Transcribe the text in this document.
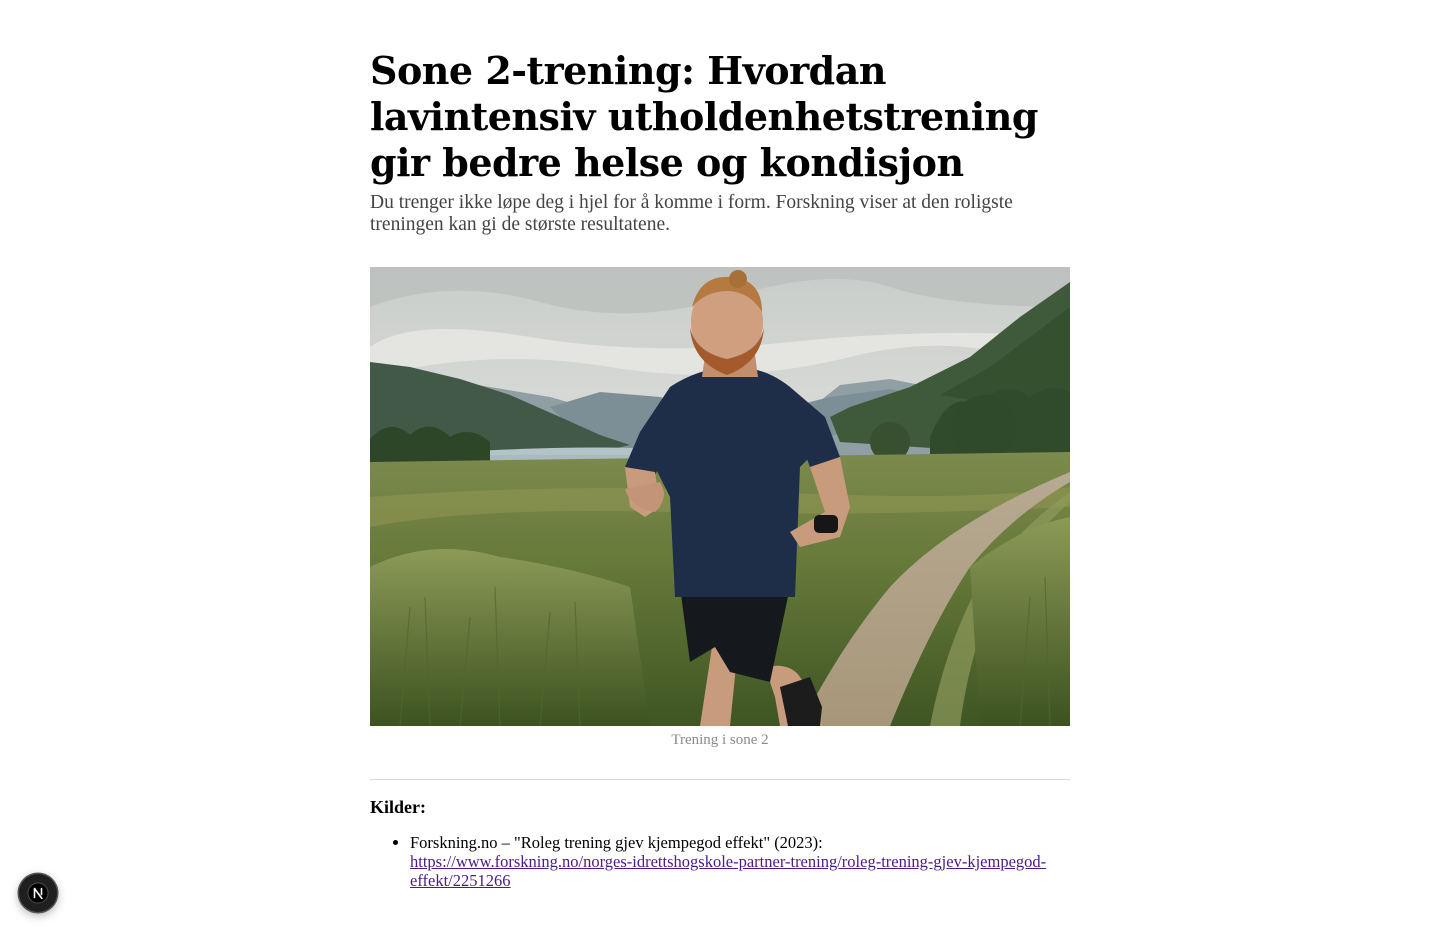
Sone 2-trening: Hvordan lavintensiv utholdenhetstrening gir bedre helse og kondisjon

Du trenger ikke løpe deg i hjel for å komme i form. Forskning viser at den roligste treningen kan gi de største resultatene.

Trening i sone 2

Kilder:

• Forskning.no – "Roleg trening gjev kjempegod effekt" (2023):
https://www.forskning.no/norges-idrettshogskole-partner-trening/roleg-trening-gjev-kjempegod-effekt/2251266
